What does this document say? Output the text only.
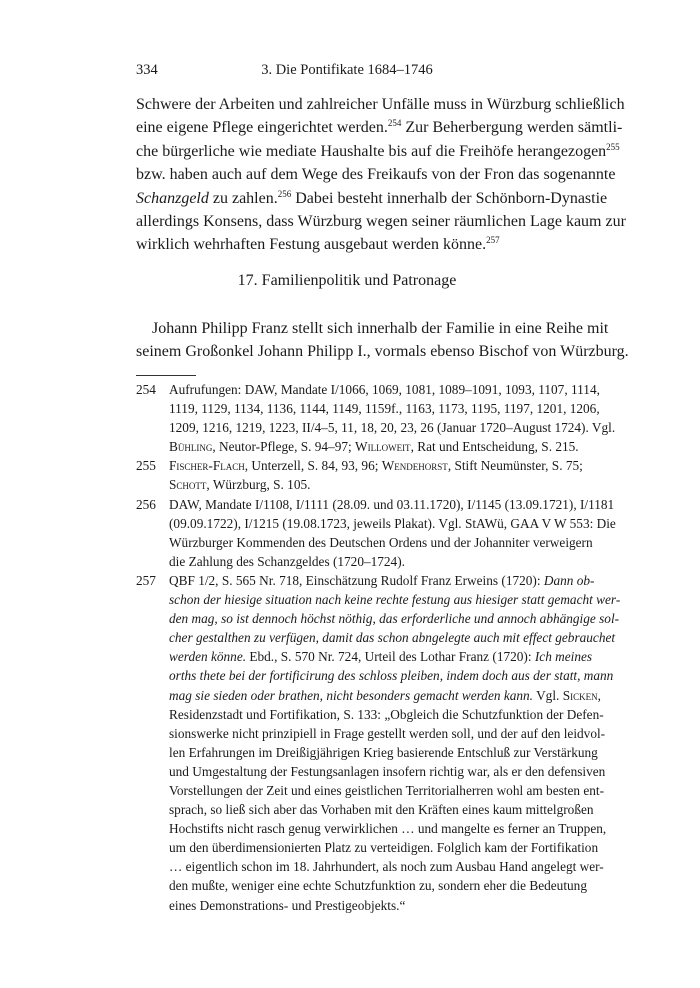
334	3. Die Pontifikate 1684–1746
Schwere der Arbeiten und zahlreicher Unfälle muss in Würzburg schließlich
eine eigene Pflege eingerichtet werden.$^{254}$ Zur Beherbergung werden sämtli-
che bürgerliche wie mediate Haushalte bis auf die Freihöfe herangezogen$^{255}$
bzw. haben auch auf dem Wege des Freikaufs von der Fron das sogenannte
Schanzgeld zu zahlen.$^{256}$ Dabei besteht innerhalb der Schönborn-Dynastie
allerdings Konsens, dass Würzburg wegen seiner räumlichen Lage kaum zur
wirklich wehrhaften Festung ausgebaut werden könne.$^{257}$
17. Familienpolitik und Patronage
Johann Philipp Franz stellt sich innerhalb der Familie in eine Reihe mit
seinem Großonkel Johann Philipp I., vormals ebenso Bischof von Würzburg.
254 Aufrufungen: DAW, Mandate I/1066, 1069, 1081, 1089–1091, 1093, 1107, 1114,
1119, 1129, 1134, 1136, 1144, 1149, 1159f., 1163, 1173, 1195, 1197, 1201, 1206,
1209, 1216, 1219, 1223, II/4–5, 11, 18, 20, 23, 26 (Januar 1720–August 1724). Vgl.
Bühling, Neutor-Pflege, S. 94–97; Willoweit, Rat und Entscheidung, S. 215.
255 Fischer-Flach, Unterzell, S. 84, 93, 96; Wendehorst, Stift Neumünster, S. 75;
Schott, Würzburg, S. 105.
256 DAW, Mandate I/1108, I/1111 (28.09. und 03.11.1720), I/1145 (13.09.1721), I/1181
(09.09.1722), I/1215 (19.08.1723, jeweils Plakat). Vgl. StAWü, GAA V W 553: Die
Würzburger Kommenden des Deutschen Ordens und der Johanniter verweigern
die Zahlung des Schanzgeldes (1720–1724).
257 QBF 1/2, S. 565 Nr. 718, Einschätzung Rudolf Franz Erweins (1720): Dann ob-
schon der hiesige situation nach keine rechte festung aus hiesiger statt gemacht wer-
den mag, so ist dennoch höchst nöthig, das erforderliche und annoch abhängige sol-
cher gestalthen zu verfügen, damit das schon abngelegte auch mit effect gebrauchet
werden könne. Ebd., S. 570 Nr. 724, Urteil des Lothar Franz (1720): Ich meines
orths thete bei der fortificirung des schloss pleiben, indem doch aus der statt, mann
mag sie sieden oder brathen, nicht besonders gemacht werden kann. Vgl. Sicken,
Residenzstadt und Fortifikation, S. 133: „Obgleich die Schutzfunktion der Defen-
sionswerke nicht prinzipiell in Frage gestellt werden soll, und der auf den leidvol-
len Erfahrungen im Dreißigjährigen Krieg basierende Entschluß zur Verstärkung
und Umgestaltung der Festungsanlagen insofern richtig war, als er den defensiven
Vorstellungen der Zeit und eines geistlichen Territorialherren wohl am besten ent-
sprach, so ließ sich aber das Vorhaben mit den Kräften eines kaum mittelgroßen
Hochstifts nicht rasch genug verwirklichen … und mangelte es ferner an Truppen,
um den überdimensionierten Platz zu verteidigen. Folglich kam der Fortifikation
… eigentlich schon im 18. Jahrhundert, als noch zum Ausbau Hand angelegt wer-
den mußte, weniger eine echte Schutzfunktion zu, sondern eher die Bedeutung
eines Demonstrations- und Prestigeobjekts.“
